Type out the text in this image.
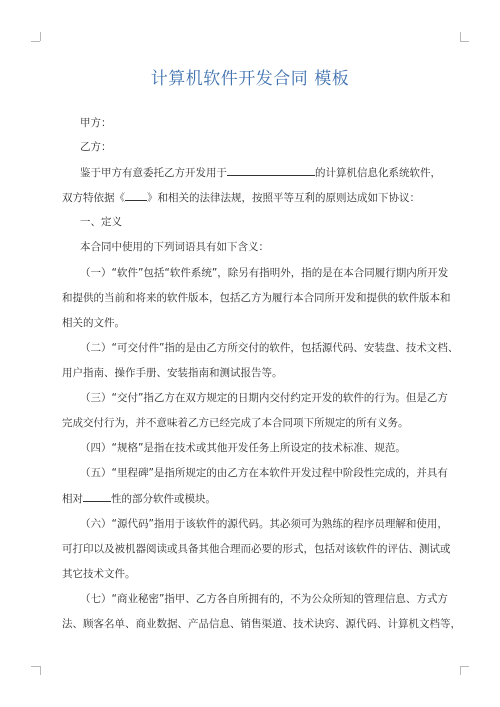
计算机软件开发合同 模板
甲方：
乙方：
鉴于甲方有意委托乙方开发用于	的计算机信息化系统软件，
双方特依据《 》和相关的法律法规，按照平等互利的原则达成如下协议：
一、定义
本合同中使用的下列词语具有如下含义：
（一）“软件”包括“软件系统”，除另有指明外，指的是在本合同履行期内所开发
和提供的当前和将来的软件版本，包括乙方为履行本合同所开发和提供的软件版本和
相关的文件。
（二）“可交付件”指的是由乙方所交付的软件，包括源代码、安装盘、技术文档、
用户指南、操作手册、安装指南和测试报告等。
（三）“交付”指乙方在双方规定的日期内交付约定开发的软件的行为。但是乙方
完成交付行为，并不意味着乙方已经完成了本合同项下所规定的所有义务。
（四）“规格”是指在技术或其他开发任务上所设定的技术标准、规范。
（五）“里程碑”是指所规定的由乙方在本软件开发过程中阶段性完成的，并具有
相对	性的部分软件或模块。
（六）“源代码”指用于该软件的源代码。其必须可为熟练的程序员理解和使用，
可打印以及被机器阅读或具备其他合理而必要的形式，包括对该软件的评估、测试或
其它技术文件。
（七）“商业秘密”指甲、乙方各自所拥有的，不为公众所知的管理信息、方式方
法、顾客名单、商业数据、产品信息、销售渠道、技术诀窍、源代码、计算机文档等，
